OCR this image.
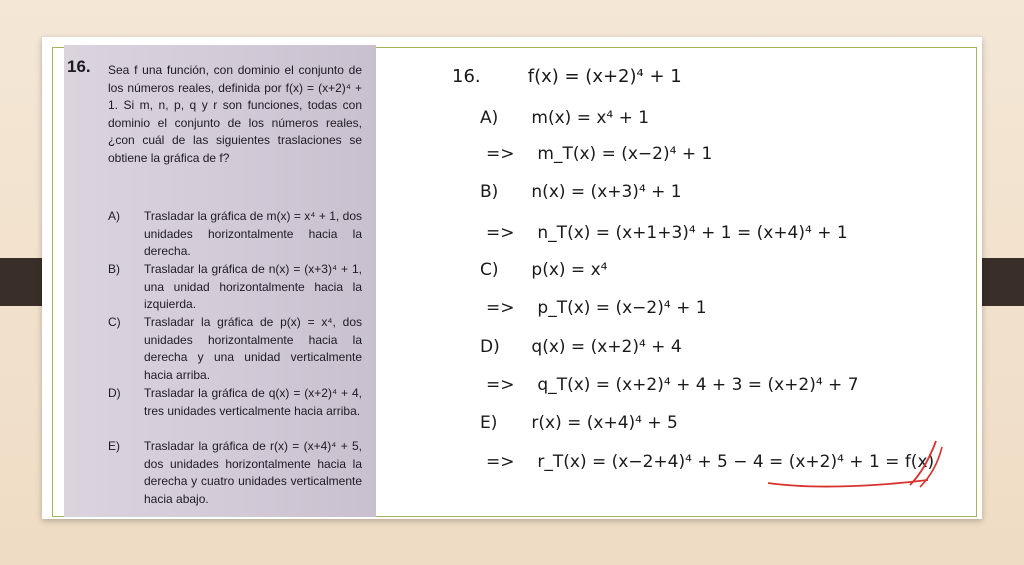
16. Sea f una función, con dominio el conjunto de los números reales, definida por f(x) = (x+2)⁴ + 1. Si m, n, p, q y r son funciones, todas con dominio el conjunto de los números reales, ¿con cuál de las siguientes traslaciones se obtiene la gráfica de f?
A) Trasladar la gráfica de m(x) = x⁴ + 1, dos unidades horizontalmente hacia la derecha.
B) Trasladar la gráfica de n(x) = (x+3)⁴ + 1, una unidad horizontalmente hacia la izquierda.
C) Trasladar la gráfica de p(x) = x⁴, dos unidades horizontalmente hacia la derecha y una unidad verticalmente hacia arriba.
D) Trasladar la gráfica de q(x) = (x+2)⁴ + 4, tres unidades verticalmente hacia arriba.
E) Trasladar la gráfica de r(x) = (x+4)⁴ + 5, dos unidades horizontalmente hacia la derecha y cuatro unidades verticalmente hacia abajo.
16.	f(x) = (x+2)⁴ + 1
A) m(x) = x⁴ + 1
=> m_T(x) = (x−2)⁴ + 1
B) n(x) = (x+3)⁴ + 1
=> n_T(x) = (x+1+3)⁴ + 1 = (x+4)⁴ + 1
C) p(x) = x⁴
=> p_T(x) = (x−2)⁴ + 1
D) q(x) = (x+2)⁴ + 4
=> q_T(x) = (x+2)⁴ + 4 + 3 = (x+2)⁴ + 7
E) r(x) = (x+4)⁴ + 5
=> r_T(x) = (x−2+4)⁴ + 5 − 4 = (x+2)⁴ + 1 = f(x)
